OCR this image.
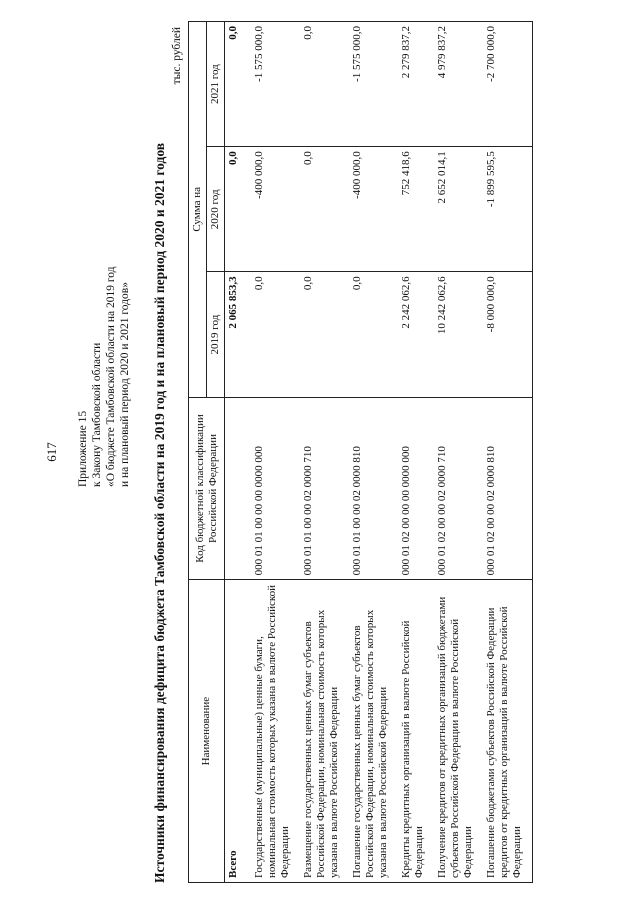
617 Приложение 15 к Закону Тамбовской области «О бюджете Тамбовской области на 2019 год и на плановый период 2020 и 2021 годов» Источники финансирования дефицита бюджета Тамбовской области на 2019 год и на плановый период 2020 и 2021 годов
тыс. рублей
Наименование	Код бюджетной классификации Российской Федерации	Сумма на		
		2019 год	2020 год	2021 год
Всего		2 065 853,3	0,0	0,0
Государственные (муниципальные) ценные бумаги, номинальная стоимость которых указана в валюте Российской Федерации	000 01 01 00 00 00 0000 000	0,0	-400 000,0	-1 575 000,0
Размещение государственных ценных бумаг субъектов Российской Федерации, номинальная стоимость которых указана в валюте Российской Федерации	000 01 01 00 00 02 0000 710	0,0	0,0	0,0
Погашение государственных ценных бумаг субъектов Российской Федерации, номинальная стоимость которых указана в валюте Российской Федерации	000 01 01 00 00 02 0000 810	0,0	-400 000,0	-1 575 000,0
Кредиты кредитных организаций в валюте Российской Федерации	000 01 02 00 00 00 0000 000	2 242 062,6	752 418,6	2 279 837,2
Получение кредитов от кредитных организаций бюджетами субъектов Российской Федерации в валюте Российской Федерации	000 01 02 00 00 02 0000 710	10 242 062,6	2 652 014,1	4 979 837,2
Погашение бюджетами субъектов Российской Федерации кредитов от кредитных организаций в валюте Российской Федерации	000 01 02 00 00 02 0000 810	-8 000 000,0	-1 899 595,5	-2 700 000,0
